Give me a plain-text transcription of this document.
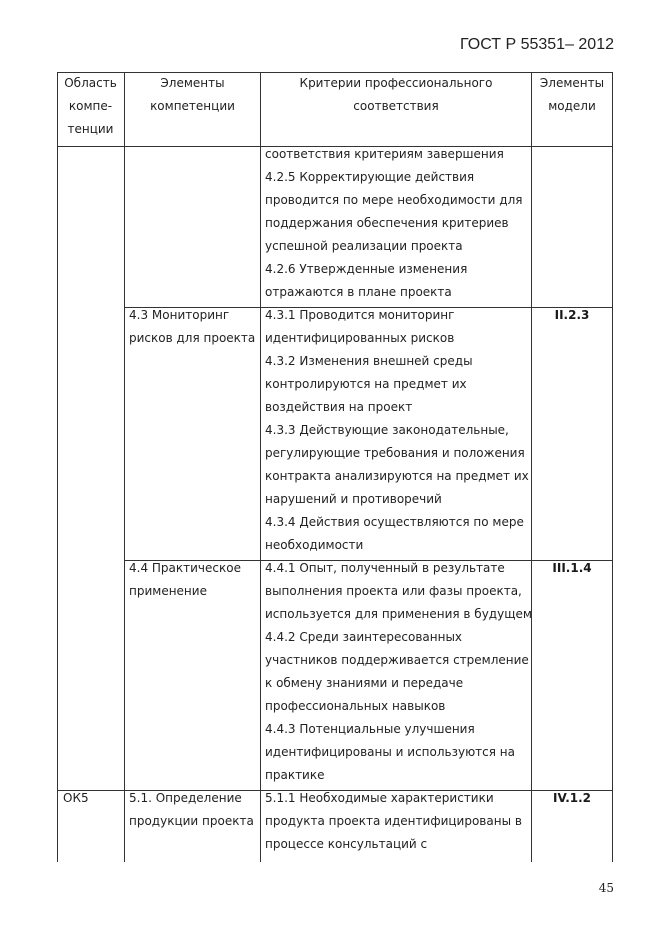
ГОСТ Р 55351– 2012
Область
компе-
тенции
Элементы
компетенции
Критерии профессионального
соответствия
Элементы
модели
соответствия критериям завершения
4.2.5 Корректирующие действия
проводится по мере необходимости для
поддержания обеспечения критериев
успешной реализации проекта
4.2.6 Утвержденные изменения
отражаются в плане проекта
4.3 Мониторинг
рисков для проекта
4.3.1 Проводится мониторинг
идентифицированных рисков
4.3.2 Изменения внешней среды
контролируются на предмет их
воздействия на проект
4.3.3 Действующие законодательные,
регулирующие требования и положения
контракта анализируются на предмет их
нарушений и противоречий
4.3.4 Действия осуществляются по мере
необходимости
II.2.3
4.4 Практическое
применение
4.4.1 Опыт, полученный в результате
выполнения проекта или фазы проекта,
используется для применения в будущем
4.4.2 Среди заинтересованных
участников поддерживается стремление
к обмену знаниями и передаче
профессиональных навыков
4.4.3 Потенциальные улучшения
идентифицированы и используются на
практике
III.1.4
ОК5	5.1. Определение
продукции проекта
5.1.1 Необходимые характеристики
продукта проекта идентифицированы в
процессе консультаций с
IV.1.2
45
